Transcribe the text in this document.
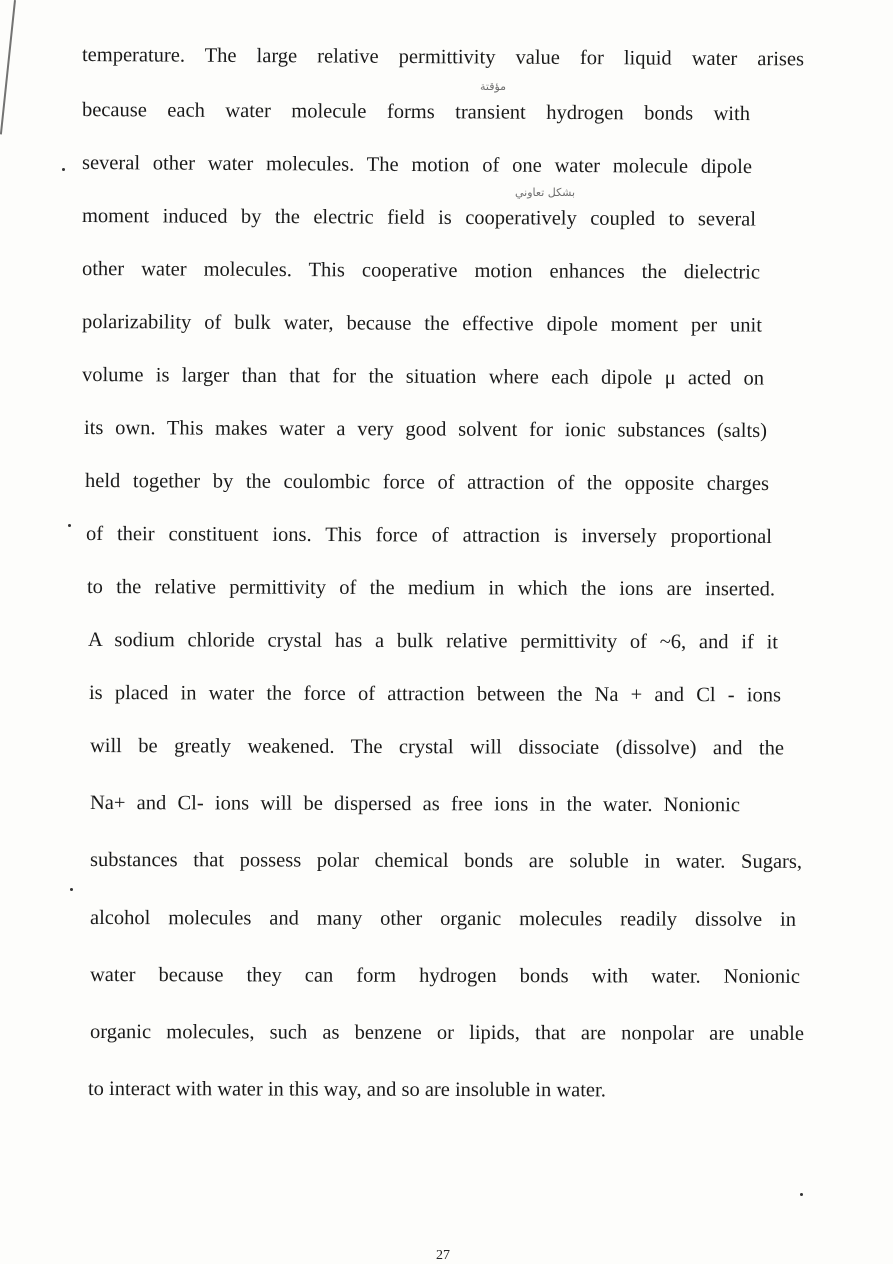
temperature. The large relative permittivity value for liquid water arises
because each water molecule forms transient hydrogen bonds with
several other water molecules. The motion of one water molecule dipole
moment induced by the electric field is cooperatively coupled to several
other water molecules. This cooperative motion enhances the dielectric
polarizability of bulk water, because the effective dipole moment per unit
volume is larger than that for the situation where each dipole μ acted on
its own. This makes water a very good solvent for ionic substances (salts)
held together by the coulombic force of attraction of the opposite charges
of their constituent ions. This force of attraction is inversely proportional
to the relative permittivity of the medium in which the ions are inserted.
A sodium chloride crystal has a bulk relative permittivity of ~6, and if it
is placed in water the force of attraction between the Na + and Cl - ions
will be greatly weakened. The crystal will dissociate (dissolve) and the
Na+ and Cl- ions will be dispersed as free ions in the water. Nonionic
substances that possess polar chemical bonds are soluble in water. Sugars,
alcohol molecules and many other organic molecules readily dissolve in
water because they can form hydrogen bonds with water. Nonionic
organic molecules, such as benzene or lipids, that are nonpolar are unable
to interact with water in this way, and so are insoluble in water.
مؤقتة
بشكل تعاوني
27
